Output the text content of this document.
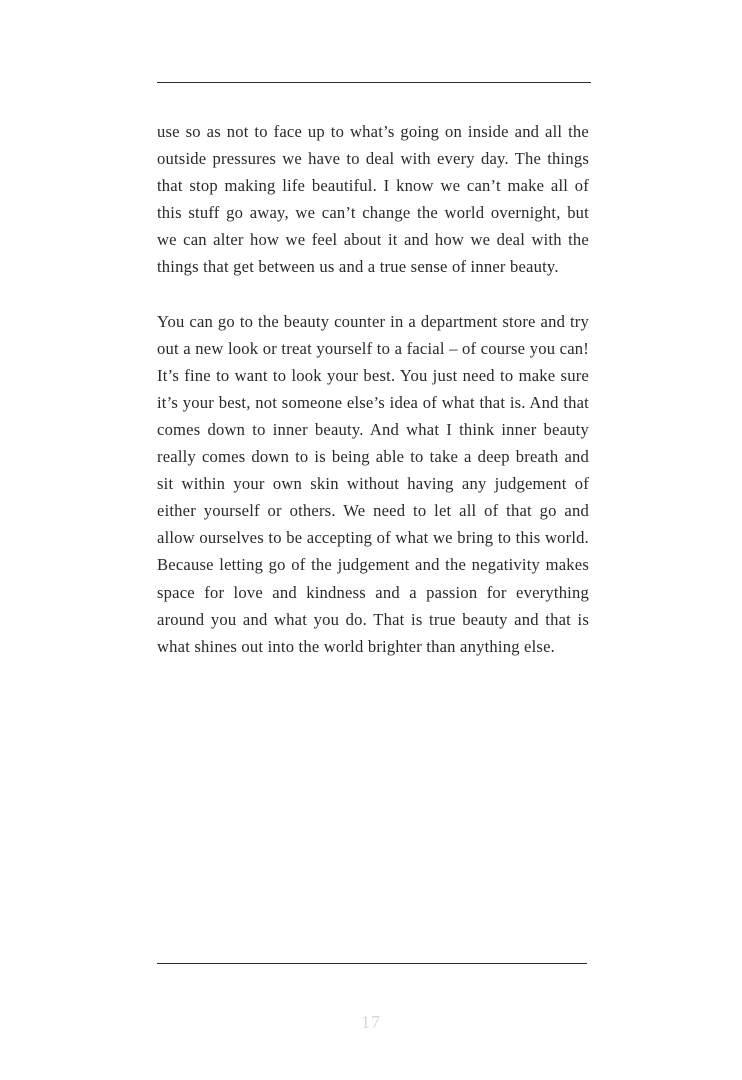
use so as not to face up to what’s going on inside and all the outside pressures we have to deal with every day. The things that stop making life beautiful. I know we can’t make all of this stuff go away, we can’t change the world overnight, but we can alter how we feel about it and how we deal with the things that get between us and a true sense of inner beauty.

You can go to the beauty counter in a department store and try out a new look or treat yourself to a facial – of course you can! It’s fine to want to look your best. You just need to make sure it’s your best, not someone else’s idea of what that is. And that comes down to inner beauty. And what I think inner beauty really comes down to is being able to take a deep breath and sit within your own skin without having any judgement of either yourself or others. We need to let all of that go and allow ourselves to be accepting of what we bring to this world. Because letting go of the judgement and the negativity makes space for love and kindness and a passion for everything around you and what you do. That is true beauty and that is what shines out into the world brighter than anything else.

17
